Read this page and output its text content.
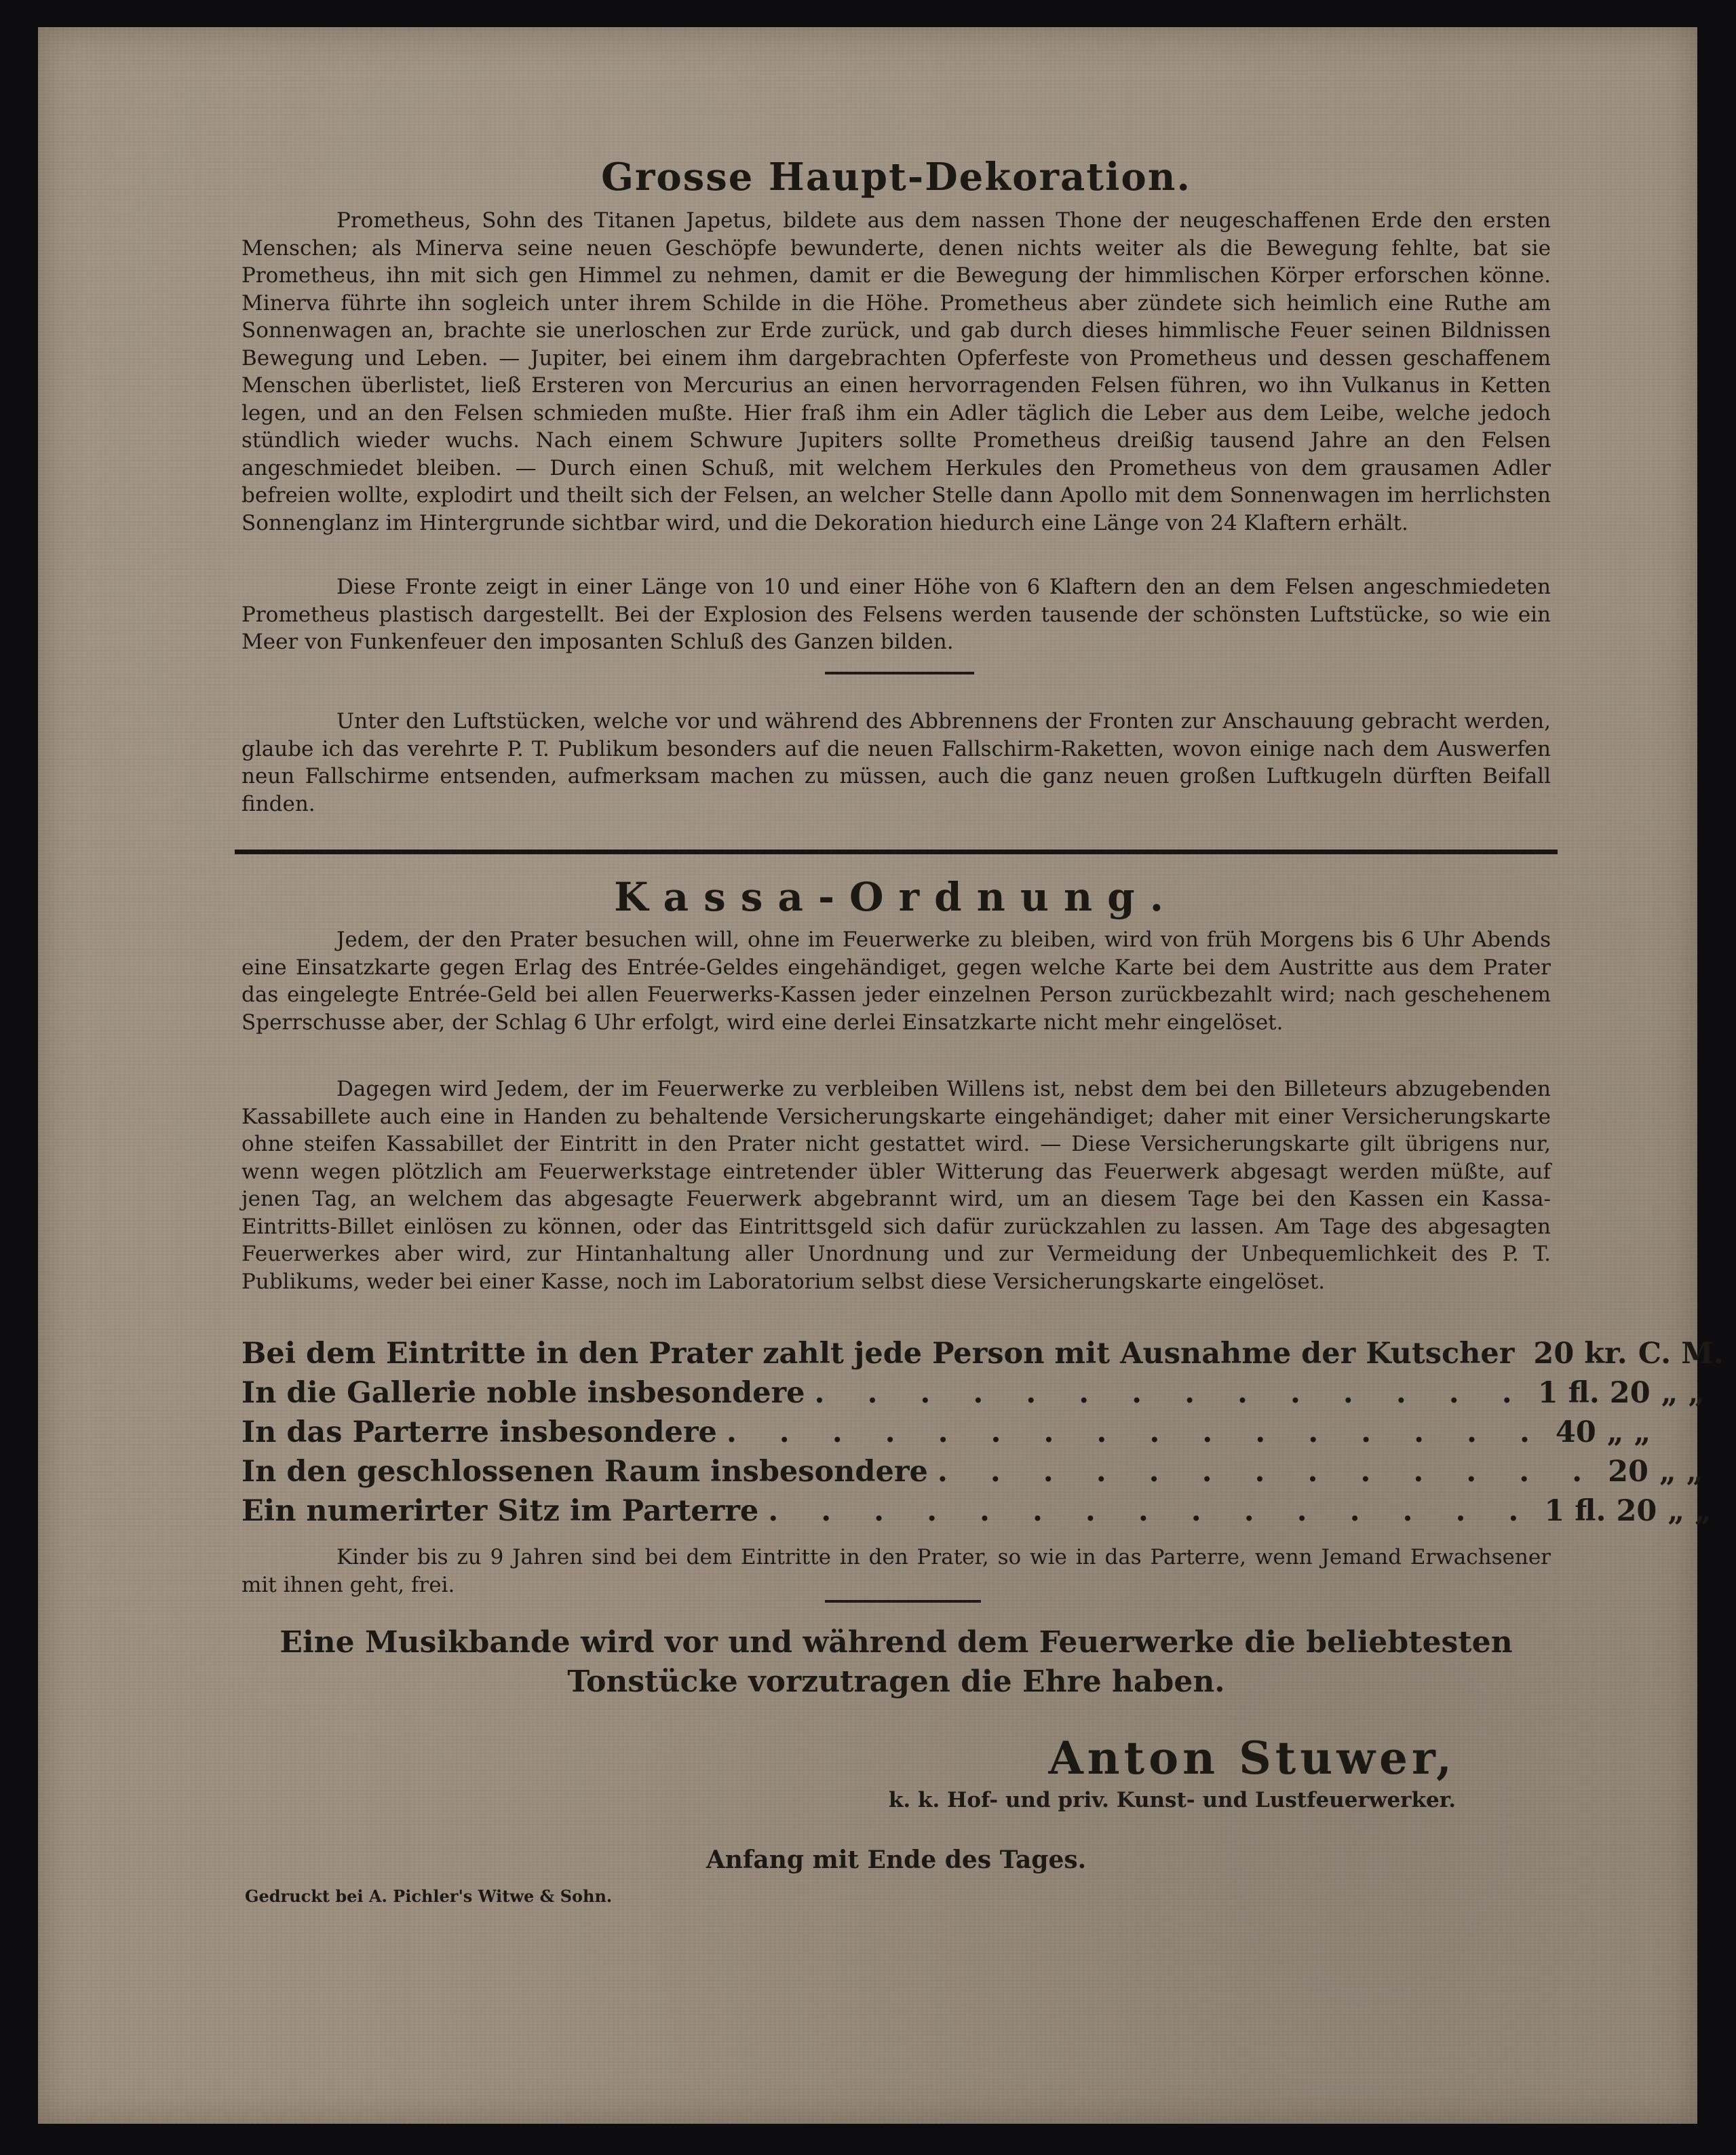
Grosse Haupt-Dekoration.

Prometheus, Sohn des Titanen Japetus, bildete aus dem nassen Thone der neugeschaffenen Erde den ersten Menschen; als Minerva seine neuen Geschöpfe bewunderte, denen nichts weiter als die Bewegung fehlte, bat sie Prometheus, ihn mit sich gen Himmel zu nehmen, damit er die Bewegung der himmlischen Körper erforschen könne. Minerva führte ihn sogleich unter ihrem Schilde in die Höhe. Prometheus aber zündete sich heimlich eine Ruthe am Sonnenwagen an, brachte sie unerloschen zur Erde zurück, und gab durch dieses himmlische Feuer seinen Bildnissen Bewegung und Leben. — Jupiter, bei einem ihm dargebrachten Opferfeste von Prometheus und dessen geschaffenem Menschen überlistet, ließ Ersteren von Mercurius an einen hervorragenden Felsen führen, wo ihn Vulkanus in Ketten legen, und an den Felsen schmieden mußte. Hier fraß ihm ein Adler täglich die Leber aus dem Leibe, welche jedoch stündlich wieder wuchs. Nach einem Schwure Jupiters sollte Prometheus dreißig tausend Jahre an den Felsen angeschmiedet bleiben. — Durch einen Schuß, mit welchem Herkules den Prometheus von dem grausamen Adler befreien wollte, explodirt und theilt sich der Felsen, an welcher Stelle dann Apollo mit dem Sonnenwagen im herrlichsten Sonnenglanz im Hintergrunde sichtbar wird, und die Dekoration hiedurch eine Länge von 24 Klaftern erhält.

Diese Fronte zeigt in einer Länge von 10 und einer Höhe von 6 Klaftern den an dem Felsen angeschmiedeten Prometheus plastisch dargestellt. Bei der Explosion des Felsens werden tausende der schönsten Luftstücke, so wie ein Meer von Funkenfeuer den imposanten Schluß des Ganzen bilden.

Unter den Luftstücken, welche vor und während des Abbrennens der Fronten zur Anschauung gebracht werden, glaube ich das verehrte P. T. Publikum besonders auf die neuen Fallschirm-Raketten, wovon einige nach dem Auswerfen neun Fallschirme entsenden, aufmerksam machen zu müssen, auch die ganz neuen großen Luftkugeln dürften Beifall finden.

Kassa-Ordnung.

Jedem, der den Prater besuchen will, ohne im Feuerwerke zu bleiben, wird von früh Morgens bis 6 Uhr Abends eine Einsatzkarte gegen Erlag des Entrée-Geldes eingehändiget, gegen welche Karte bei dem Austritte aus dem Prater das eingelegte Entrée-Geld bei allen Feuerwerks-Kassen jeder einzelnen Person zurückbezahlt wird; nach geschehenem Sperrschusse aber, der Schlag 6 Uhr erfolgt, wird eine derlei Einsatzkarte nicht mehr eingelöset.

Dagegen wird Jedem, der im Feuerwerke zu verbleiben Willens ist, nebst dem bei den Billeteurs abzugebenden Kassabillete auch eine in Handen zu behaltende Versicherungskarte eingehändiget; daher mit einer Versicherungskarte ohne steifen Kassabillet der Eintritt in den Prater nicht gestattet wird. — Diese Versicherungskarte gilt übrigens nur, wenn wegen plötzlich am Feuerwerkstage eintretender übler Witterung das Feuerwerk abgesagt werden müßte, auf jenen Tag, an welchem das abgesagte Feuerwerk abgebrannt wird, um an diesem Tage bei den Kassen ein Kassa-Eintritts-Billet einlösen zu können, oder das Eintrittsgeld sich dafür zurückzahlen zu lassen. Am Tage des abgesagten Feuerwerkes aber wird, zur Hintanhaltung aller Unordnung und zur Vermeidung der Unbequemlichkeit des P. T. Publikums, weder bei einer Kasse, noch im Laboratorium selbst diese Versicherungskarte eingelöset.

Bei dem Eintritte in den Prater zahlt jede Person mit Ausnahme der Kutscher 20 kr. C. M.
In die Gallerie noble insbesondere . . . . . . . . . . . . . . 1 fl. 20 „ „
In das Parterre insbesondere . . . . . . . . . . . . . . . . 40 „ „
In den geschlossenen Raum insbesondere . . . . . . . . . . . . . 20 „ „
Ein numerirter Sitz im Parterre . . . . . . . . . . . . . . . 1 fl. 20 „ „

Kinder bis zu 9 Jahren sind bei dem Eintritte in den Prater, so wie in das Parterre, wenn Jemand Erwachsener mit ihnen geht, frei.

Eine Musikbande wird vor und während dem Feuerwerke die beliebtesten Tonstücke vorzutragen die Ehre haben.
Anton Stuwer,
k. k. Hof- und priv. Kunst- und Lustfeuerwerker.
Anfang mit Ende des Tages.
Gedruckt bei A. Pichler's Witwe & Sohn.
